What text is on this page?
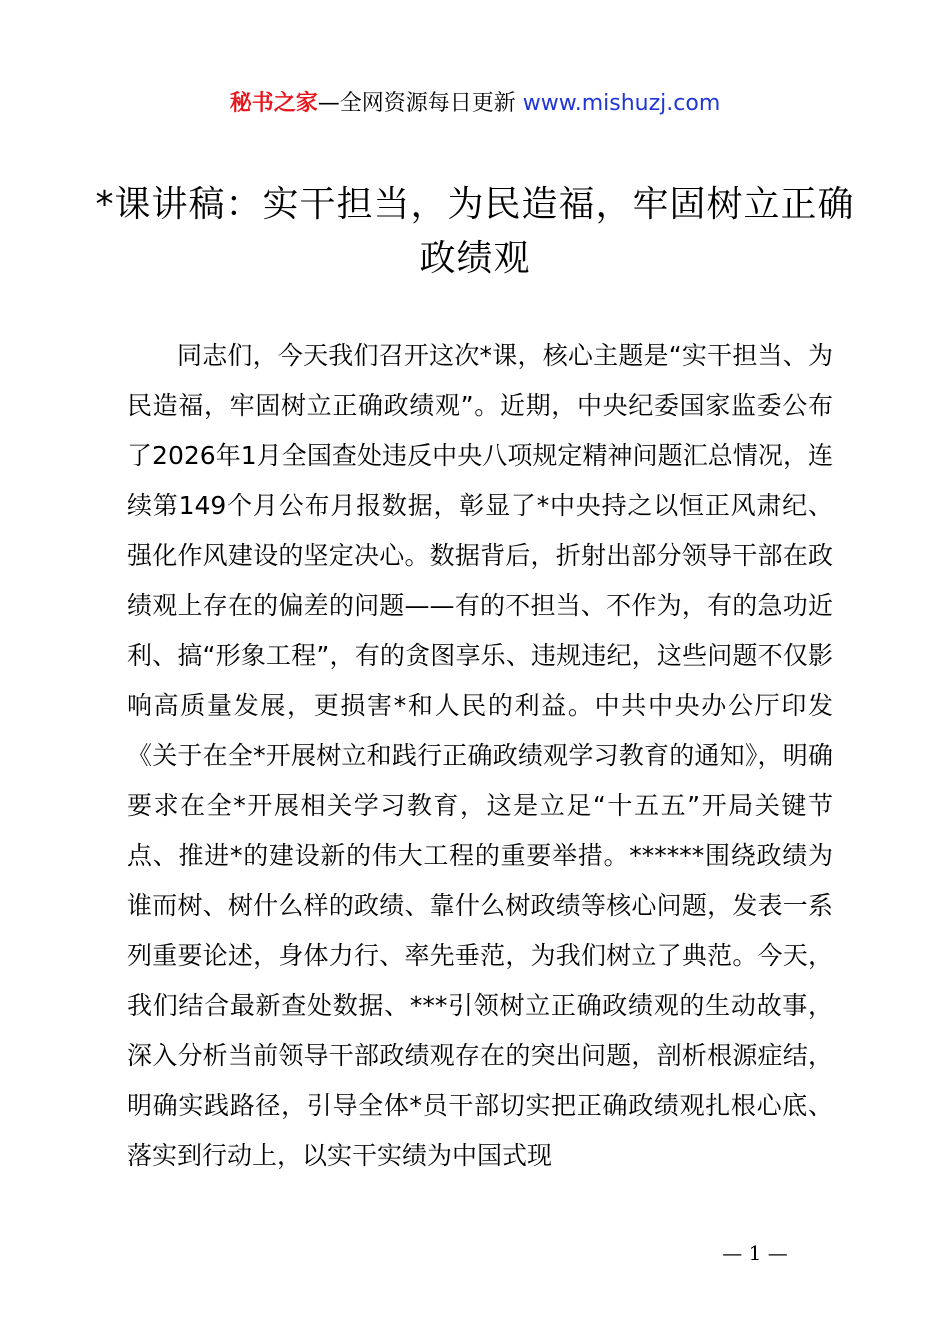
秘书之家—全网资源每日更新 www.mishuzj.com
*课讲稿：实干担当，为民造福，牢固树立正确政绩观

同志们，今天我们召开这次*课，核心主题是“实干担当、为民造福，牢固树立正确政绩观”。近期，中央纪委国家监委公布了2026年1月全国查处违反中央八项规定精神问题汇总情况，连续第149个月公布月报数据，彰显了*中央持之以恒正风肃纪、强化作风建设的坚定决心。数据背后，折射出部分领导干部在政绩观上存在的偏差的问题——有的不担当、不作为，有的急功近利、搞“形象工程”，有的贪图享乐、违规违纪，这些问题不仅影响高质量发展，更损害*和人民的利益。中共中央办公厅印发《关于在全*开展树立和践行正确政绩观学习教育的通知》，明确要求在全*开展相关学习教育，这是立足“十五五”开局关键节点、推进*的建设新的伟大工程的重要举措。******围绕政绩为谁而树、树什么样的政绩、靠什么树政绩等核心问题，发表一系列重要论述，身体力行、率先垂范，为我们树立了典范。今天，我们结合最新查处数据、***引领树立正确政绩观的生动故事，深入分析当前领导干部政绩观存在的突出问题，剖析根源症结，明确实践路径，引导全体*员干部切实把正确政绩观扎根心底、落实到行动上，以实干实绩为中国式现

— 1 —
